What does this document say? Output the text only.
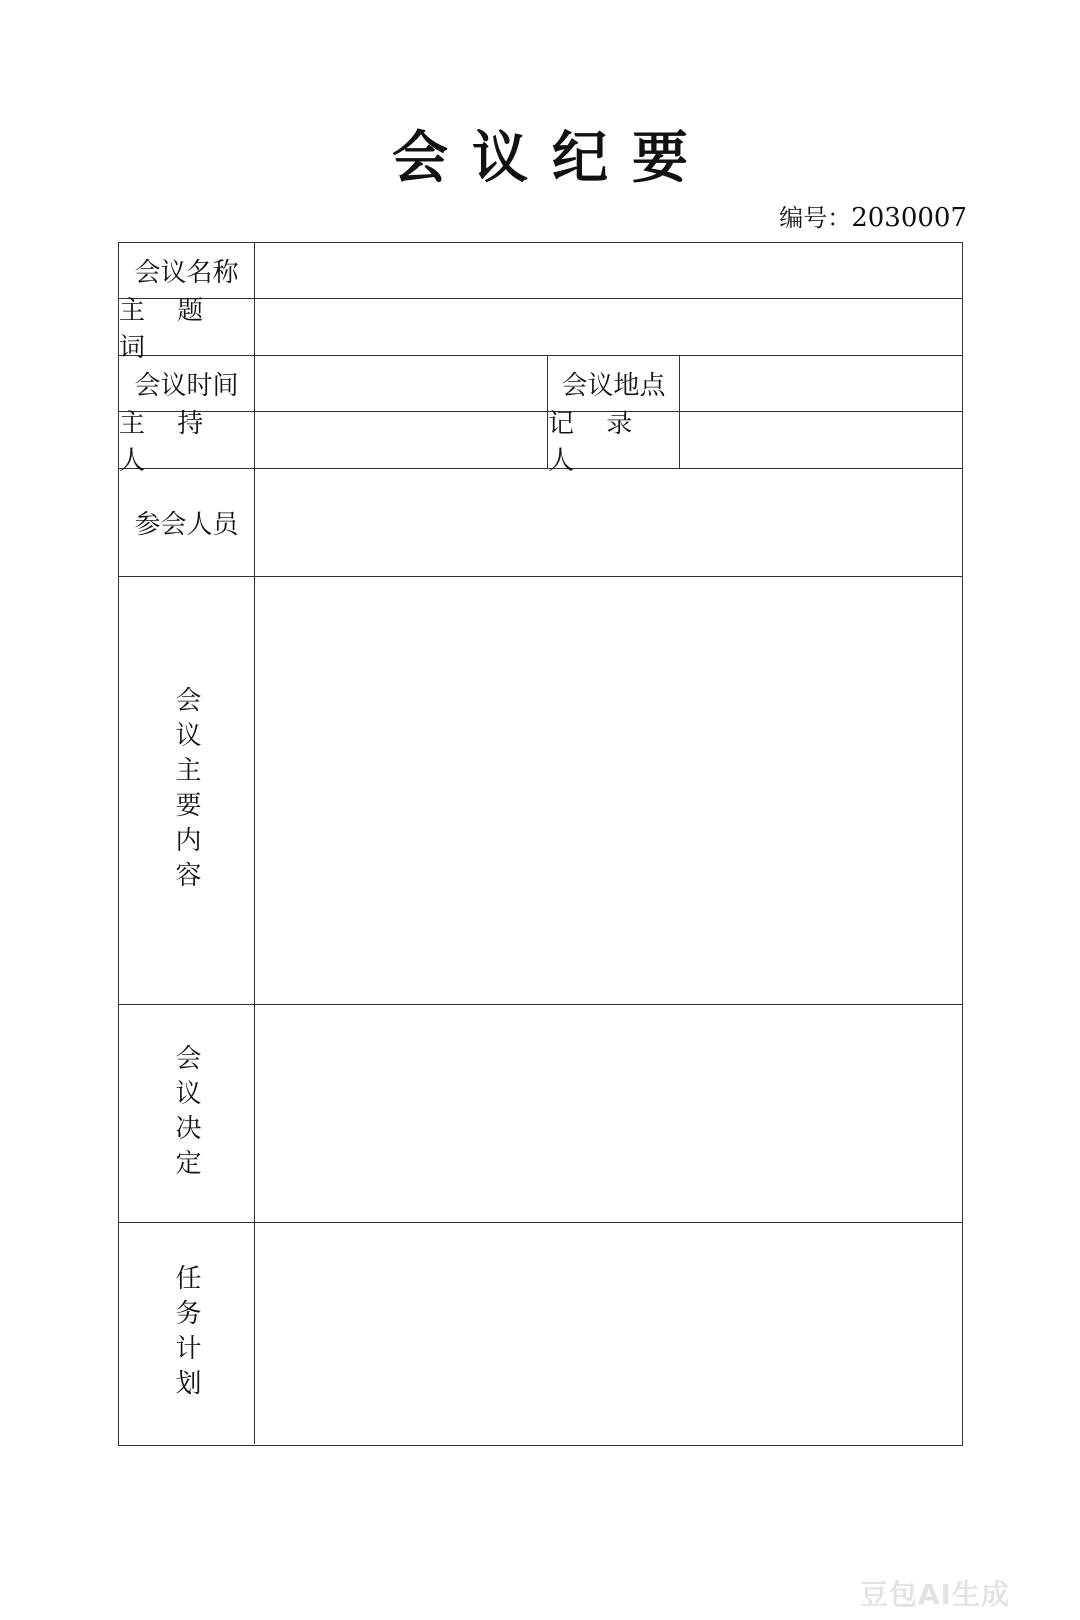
会议纪要
编号：2030007
会议名称
主 题 词
会议时间	会议地点
主 持 人
记 录 人
参会人员
会议主要内容
会议决定
任务计划
豆包AI生成
